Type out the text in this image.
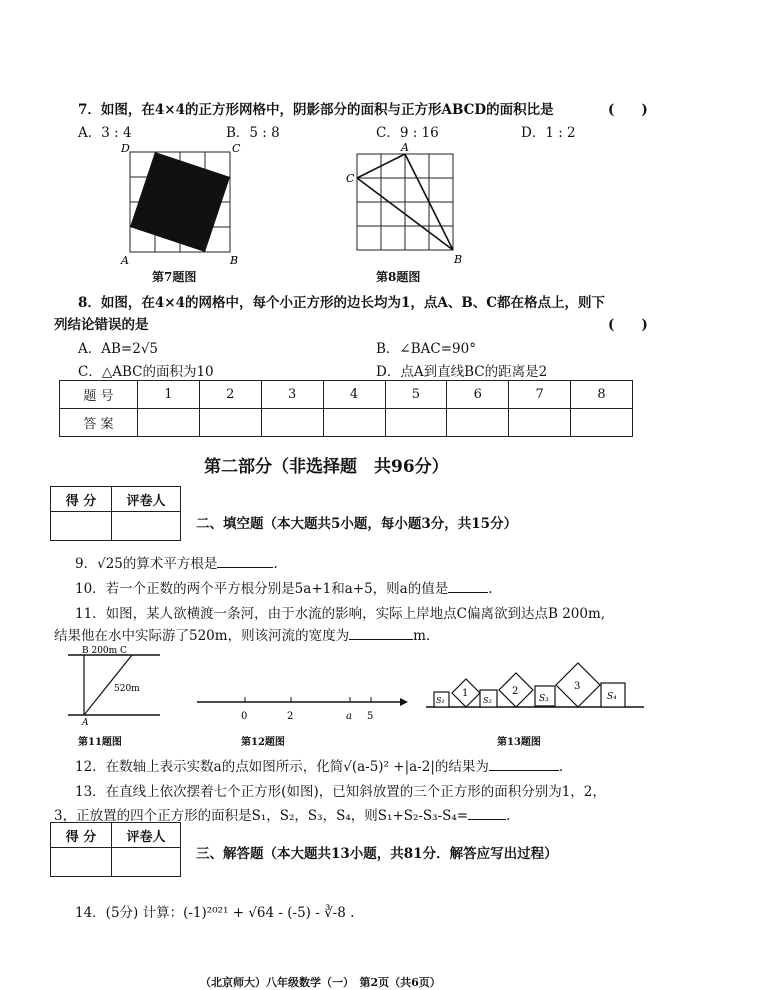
7．如图，在4×4的正方形网格中，阴影部分的面积与正方形ABCD的面积比是	(　　)
A．3 : 4	B．5 : 8	C．9 : 16	D．1 : 2
D	C
A	B
第7题图
A
C
B
第8题图
8．如图，在4×4的网格中，每个小正方形的边长均为1，点A、B、C都在格点上，则下
列结论错误的是	(　　)
A．AB=2√5	B．∠BAC=90°
C．△ABC的面积为10	D．点A到直线BC的距离是2
题 号	1	2	3	4	5	6	7	8
答 案								
第二部分（非选择题　共96分）
得 分	评卷人

二、填空题（本大题共5小题，每小题3分，共15分）
9．√25的算术平方根是	.
10．若一个正数的两个平方根分别是5a+1和a+5，则a的值是	.
11．如图，某人欲横渡一条河，由于水流的影响，实际上岸地点C偏离欲到达点B 200m,
结果他在水中实际游了520m，则该河流的宽度为	m.
B 200m C
520m
A
第11题图
0	2	a 5
第12题图
1	2	3
S₁	S₂	S₃	S₄
第13题图
12．在数轴上表示实数a的点如图所示，化简√(a-5)² +|a-2|的结果为	.
13．在直线上依次摆着七个正方形(如图)，已知斜放置的三个正方形的面积分别为1，2，
3，正放置的四个正方形的面积是S₁，S₂，S₃，S₄，则S₁+S₂-S₃-S₄=	.
得 分	评卷人

三、解答题（本大题共13小题，共81分．解答应写出过程）
14．(5分) 计算：(-1)²⁰²¹ + √64 - (-5) - ∛-8 .
（北京师大）八年级数学（一）　第2页（共6页）
